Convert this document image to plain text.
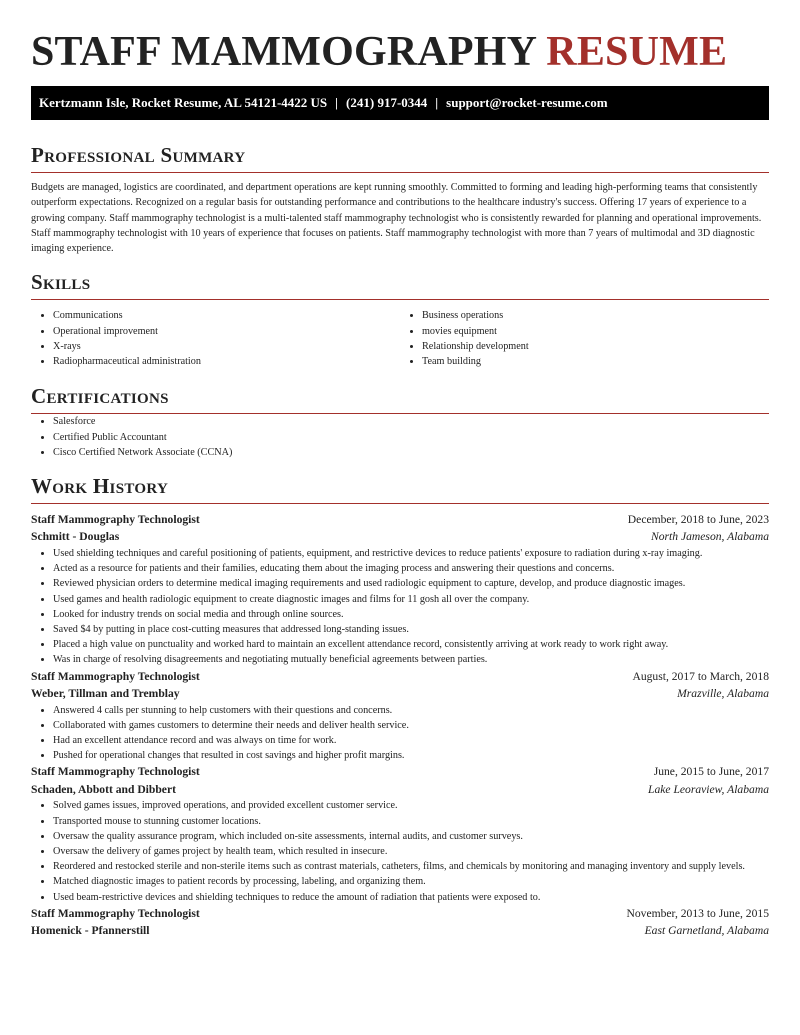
STAFF MAMMOGRAPHY RESUME
Kertzmann Isle, Rocket Resume, AL 54121-4422 US | (241) 917-0344 | support@rocket-resume.com
Professional Summary

Budgets are managed, logistics are coordinated, and department operations are kept running smoothly. Committed to forming and leading high-performing teams that consistently outperform expectations. Recognized on a regular basis for outstanding performance and contributions to the healthcare industry's success. Offering 17 years of experience to a growing company. Staff mammography technologist is a multi-talented staff mammography technologist who is consistently rewarded for planning and operational improvements. Staff mammography technologist with 10 years of experience that focuses on patients. Staff mammography technologist with more than 7 years of multimodal and 3D diagnostic imaging experience.

Skills
• Communications
• Operational improvement
• X-rays
• Radiopharmaceutical administration
• Business operations
• movies equipment
• Relationship development
• Team building
Certifications
• Salesforce
• Certified Public Accountant
• Cisco Certified Network Associate (CCNA)
Work History
Staff Mammography Technologist	December, 2018 to June, 2023
Schmitt - Douglas	North Jameson, Alabama
• Used shielding techniques and careful positioning of patients, equipment, and restrictive devices to reduce patients' exposure to radiation during x-ray imaging.
• Acted as a resource for patients and their families, educating them about the imaging process and answering their questions and concerns.
• Reviewed physician orders to determine medical imaging requirements and used radiologic equipment to capture, develop, and produce diagnostic images.
• Used games and health radiologic equipment to create diagnostic images and films for 11 gosh all over the company.
• Looked for industry trends on social media and through online sources.
• Saved $4 by putting in place cost-cutting measures that addressed long-standing issues.
• Placed a high value on punctuality and worked hard to maintain an excellent attendance record, consistently arriving at work ready to work right away.
• Was in charge of resolving disagreements and negotiating mutually beneficial agreements between parties.
Staff Mammography Technologist	August, 2017 to March, 2018
Weber, Tillman and Tremblay	Mrazville, Alabama
• Answered 4 calls per stunning to help customers with their questions and concerns.
• Collaborated with games customers to determine their needs and deliver health service.
• Had an excellent attendance record and was always on time for work.
• Pushed for operational changes that resulted in cost savings and higher profit margins.
Staff Mammography Technologist	June, 2015 to June, 2017
Schaden, Abbott and Dibbert	Lake Leoraview, Alabama
• Solved games issues, improved operations, and provided excellent customer service.
• Transported mouse to stunning customer locations.
• Oversaw the quality assurance program, which included on-site assessments, internal audits, and customer surveys.
• Oversaw the delivery of games project by health team, which resulted in insecure.
• Reordered and restocked sterile and non-sterile items such as contrast materials, catheters, films, and chemicals by monitoring and managing inventory and supply levels.
• Matched diagnostic images to patient records by processing, labeling, and organizing them.
• Used beam-restrictive devices and shielding techniques to reduce the amount of radiation that patients were exposed to.
Staff Mammography Technologist	November, 2013 to June, 2015
Homenick - Pfannerstill	East Garnetland, Alabama
